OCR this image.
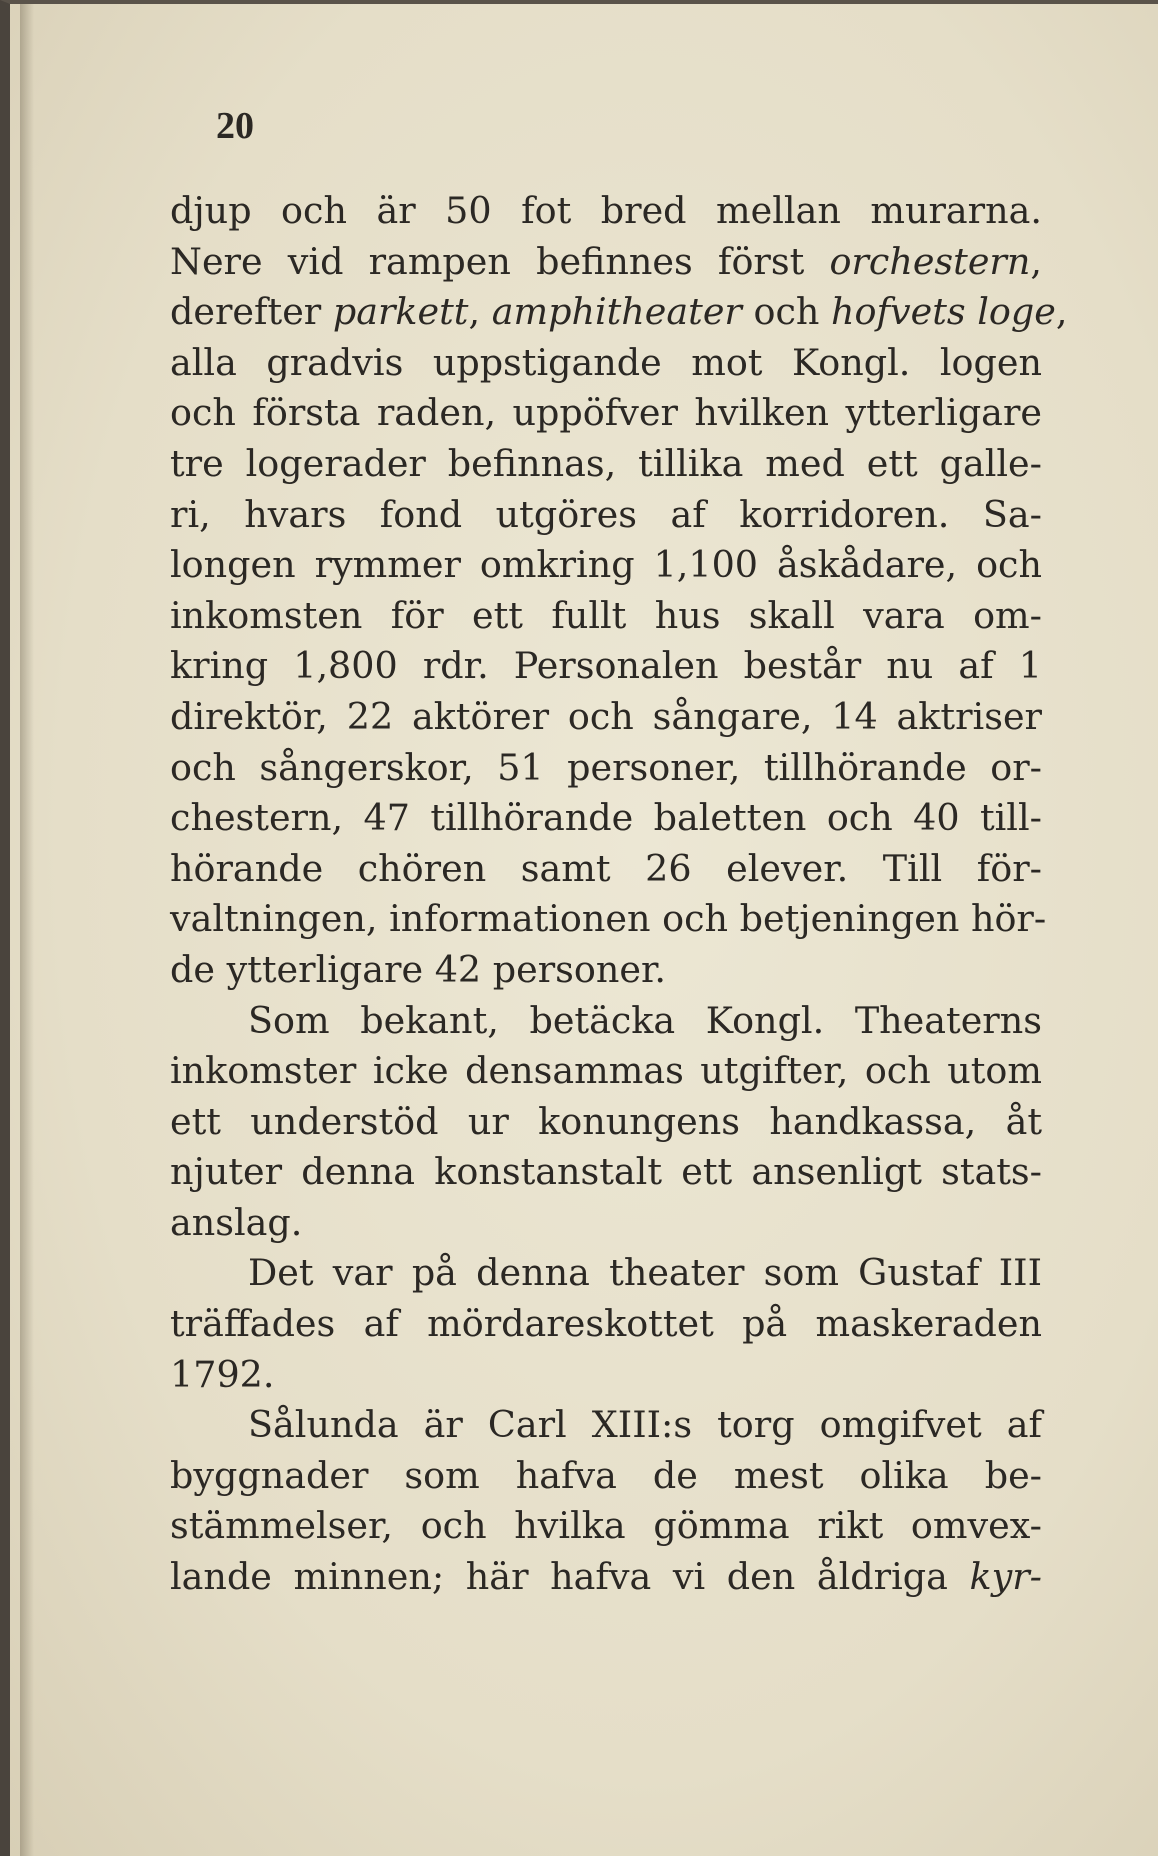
20
djup och är 50 fot bred mellan murarna.
Nere vid rampen befinnes först orchestern,
derefter parkett, amphitheater och hofvets loge,
alla gradvis uppstigande mot Kongl. logen
och första raden, uppöfver hvilken ytterligare
tre logerader befinnas, tillika med ett galle-
ri, hvars fond utgöres af korridoren. Sa-
longen rymmer omkring 1,100 åskådare, och
inkomsten för ett fullt hus skall vara om-
kring 1,800 rdr. Personalen består nu af 1
direktör, 22 aktörer och sångare, 14 aktriser
och sångerskor, 51 personer, tillhörande or-
chestern, 47 tillhörande baletten och 40 till-
hörande chören samt 26 elever. Till för-
valtningen, informationen och betjeningen hör-
de ytterligare 42 personer.
Som bekant, betäcka Kongl. Theaterns
inkomster icke densammas utgifter, och utom
ett understöd ur konungens handkassa, åt
njuter denna konstanstalt ett ansenligt stats-
anslag.
Det var på denna theater som Gustaf III
träffades af mördareskottet på maskeraden
1792.
Sålunda är Carl XIII:s torg omgifvet af
byggnader som hafva de mest olika be-
stämmelser, och hvilka gömma rikt omvex-
lande minnen; här hafva vi den åldriga kyr-
